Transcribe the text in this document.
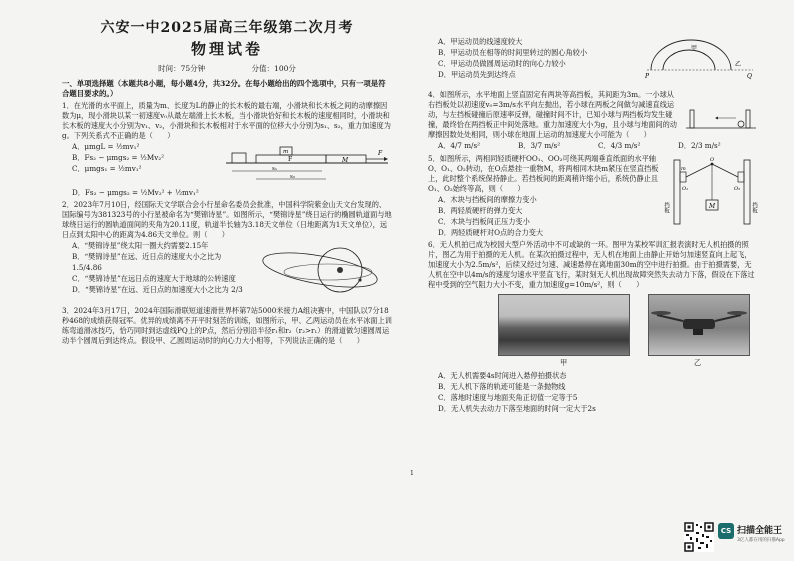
六安一中2025届高三年级第二次月考
物理试卷
时间：75分钟	分值：100分
一、单项选择题（本题共8小题，每小题4分，共32分。在每小题给出的四个选项中，只有一项是符合题目要求的。）
1．在光滑的水平面上，质量为m、长度为L的静止的长木板的最右端，小滑块和长木板之间的动摩擦因数为μ，现小滑块以某一初速度v₀从最左端滑上长木板，当小滑块恰好和长木板的速度相同时，小滑块和长木板的速度大小分别为v₁、v₂，小滑块和长木板相对于水平面的位移大小分别为s₁、s₂，重力加速度为g。下列关系式不正确的是（　　）
A．μmgL = ½mv₁²
B．Fs₂ − μmgs₂ = ½Mv₂²
C．μmgs₁ = ½mv₁²
F	M
m	F
s₁
s₂
D．Fs₂ − μmgs₂ = ½Mv₂² + ½mv₁²
2．2023年7月10日，经国际天文学联合会小行星命名委员会批准，中国科学院紫金山天文台发现的、国际编号为381323号的小行星被命名为“樊锦诗星”。如图所示，“樊锦诗星”绕日运行的椭圆轨道面与地球绕日运行的圆轨道面间的夹角为20.11度，轨道半长轴为3.18天文单位（日地距离为1天文单位），远日点到太阳中心的距离为4.86天文单位。则（　　）
A．“樊锦诗星”绕太阳一圈大约需要2.15年
B．“樊锦诗星”在远、近日点的速度大小之比为 1.5/4.86
C．“樊锦诗星”在远日点的速度大于地球的公转速度
D．“樊锦诗星”在远、近日点的加速度大小之比为 2/3
3．2024年3月17日，2024年国际滑联短道速滑世界杯第7站5000米接力A组决赛中，中国队以7分18秒468的成绩获得冠军。优异的成绩离不开平时刻苦的训练，如图所示，甲、乙两运动员在水平冰面上训练弯道滑冰技巧，恰巧同时到达虚线PQ上的P点，然后分别沿半径r₁和r₂（r₂>r₁）的滑道做匀速圆周运动半个圆周后到达终点。假设甲、乙圆周运动时的向心力大小相等，下列说法正确的是（　　）
A．甲运动员的线速度较大
B．甲运动员在相等的时间里转过的圆心角较小
C．甲运动员做圆周运动时的向心力较小
D．甲运动员先到达终点
甲
乙
P	Q
4．如图所示，水平地面上竖直固定有两块等高挡板，其间距为3m。一小球从右挡板处以初速度v₀=3m/s水平向左抛出，若小球在两板之间做匀减速直线运动，与左挡板碰撞后原速率反弹，碰撞时间不计，已知小球与两挡板均发生碰撞，最终恰在两挡板正中间处落地。重力加速度大小为g，且小球与地面间的动摩擦因数处处相同，则小球在地面上运动的加速度大小可能为（　　）
A．4/7 m/s²	B．3/7 m/s²	C．4/3 m/s²	D．2/3 m/s²
5．如图所示，两相同轻质硬杆OO₁、OO₂可绕其两端垂直纸面的水平轴O、O₁、O₂转动，在O点悬挂一重物M，将两相同木块m紧压在竖直挡板上，此时整个系统保持静止。若挡板间的距离稍许缩小后，系统仍静止且O₁、O₂始终等高，则（　　）
A．木块与挡板间的摩擦力变小
B．两轻质硬杆的弹力变大
C．木块与挡板间正压力变小
D．两轻质硬杆对O点的合力变大
挡板	挡板
O
O₁	O₂
m
M
6．无人机拍已成为校园大型户外活动中不可或缺的一环。图甲为某校军训汇报表演时无人机拍摄的照片，图乙为用于拍摄的无人机。在某次拍摄过程中，无人机在地面上由静止开始匀加速竖直向上起飞，加速度大小为2.5m/s²，后续又经过匀速、减速悬停在离地面30m的空中进行拍摄。由于拍摄需要，无人机在空中以4m/s的速度匀速水平竖直飞行，某时刻无人机出现故障突然失去动力下落，假设在下落过程中受到的空气阻力大小不变，重力加速度g=10m/s²，则（　　）
甲	乙
A．无人机需要4s时间进入悬停拍摄状态
B．无人机下落的轨迹可能是一条抛物线
C．落地时速度与地面夹角正切值一定等于5
D．无人机失去动力下落至地面的时间一定大于2s
1
CS 扫描全能王
3亿人都在用的扫描App
